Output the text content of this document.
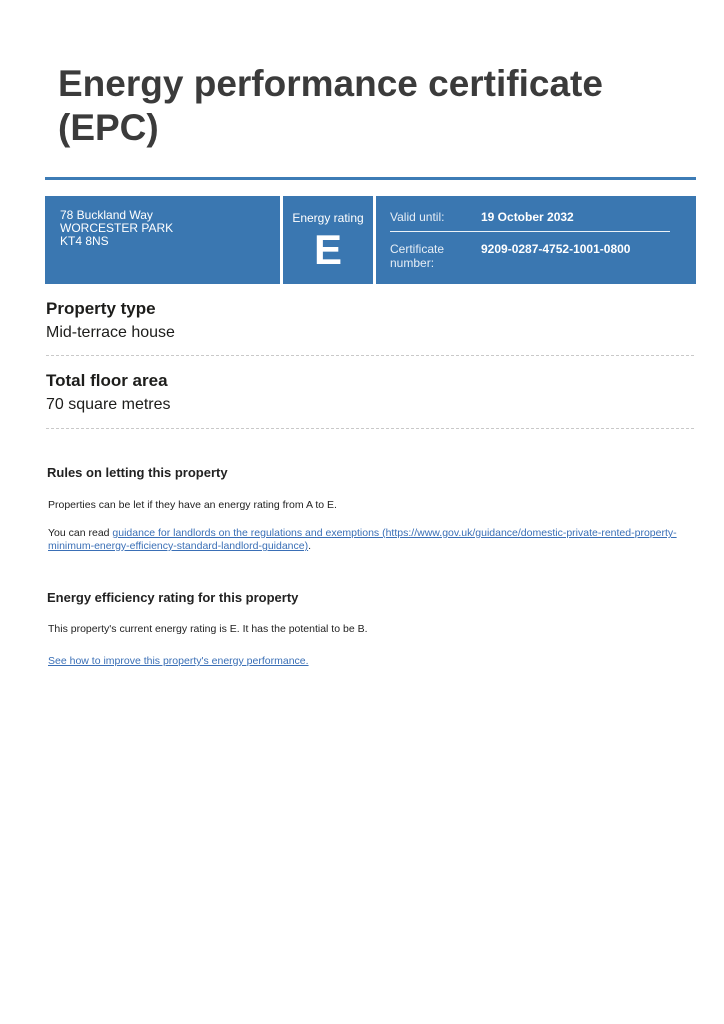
Energy performance certificate (EPC)
78 Buckland Way
WORCESTER PARK
KT4 8NS
Energy rating
E
Valid until:	19 October 2032
Certificate
number:
9209-0287-4752-1001-0800
Property type

Mid-terrace house

Total floor area

70 square metres

Rules on letting this property

Properties can be let if they have an energy rating from A to E.

You can read guidance for landlords on the regulations and exemptions (https://www.gov.uk/guidance/domestic-private-rented-property-minimum-energy-efficiency-standard-landlord-guidance).

Energy efficiency rating for this property

This property's current energy rating is E. It has the potential to be B.

See how to improve this property's energy performance.
